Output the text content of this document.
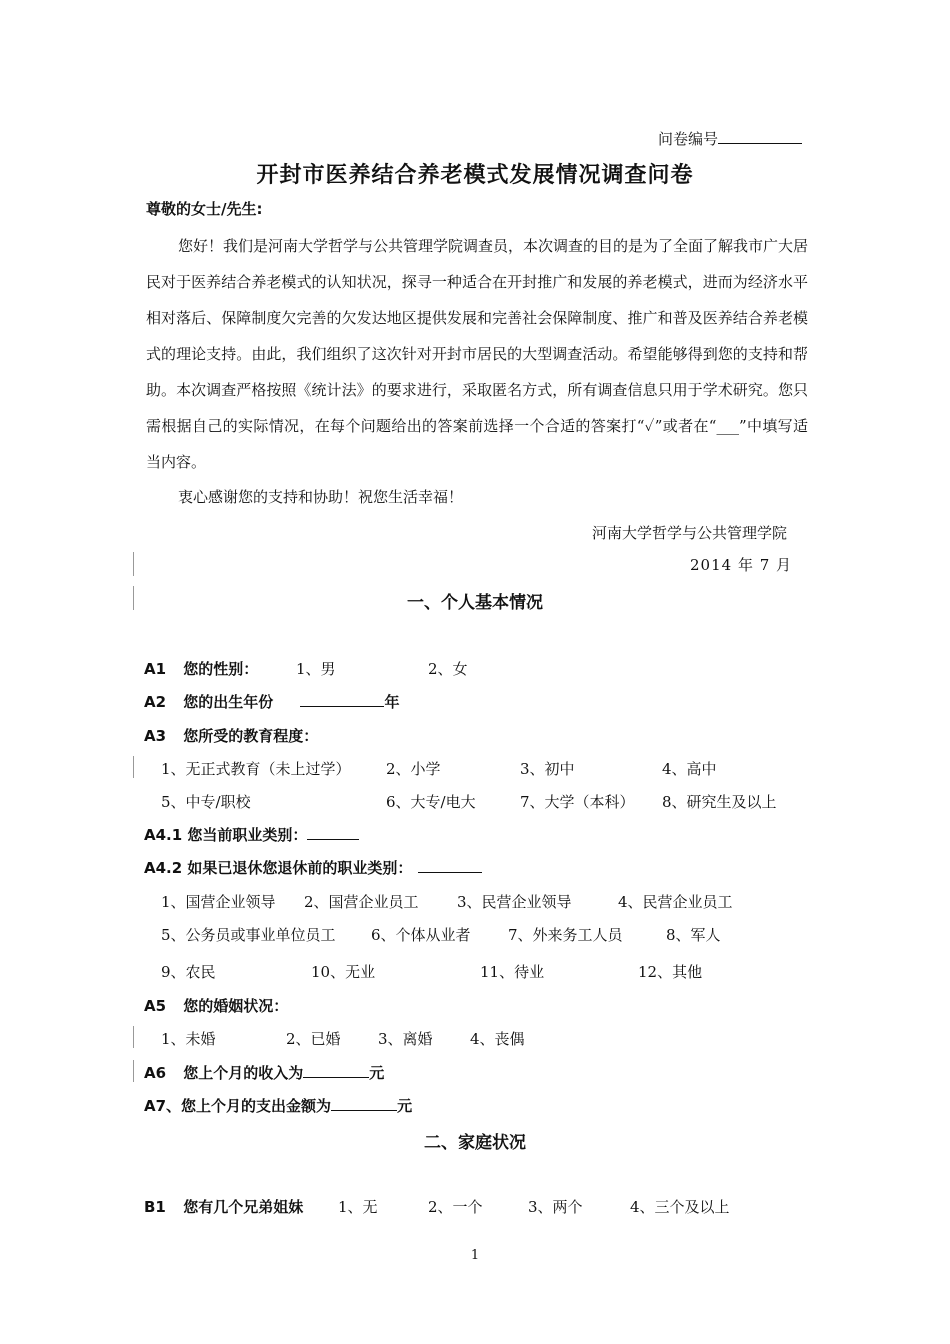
问卷编号
开封市医养结合养老模式发展情况调查问卷
尊敬的女士/先生:
您好！我们是河南大学哲学与公共管理学院调查员，本次调查的目的是为了全面了解我市广大居民对于医养结合养老模式的认知状况，探寻一种适合在开封推广和发展的养老模式，进而为经济水平相对落后、保障制度欠完善的欠发达地区提供发展和完善社会保障制度、推广和普及医养结合养老模式的理论支持。由此，我们组织了这次针对开封市居民的大型调查活动。希望能够得到您的支持和帮助。本次调查严格按照《统计法》的要求进行，采取匿名方式，所有调查信息只用于学术研究。您只需根据自己的实际情况，在每个问题给出的答案前选择一个合适的答案打“✓”或者在“___”中填写适当内容。
衷心感谢您的支持和协助！祝您生活幸福！
河南大学哲学与公共管理学院
2014 年 7 月
一、个人基本情况
A1 您的性别：	1、男	2、女
A2 您的出生年份	年
A3 您所受的教育程度：
1、无正式教育（未上过学） 2、小学	3、初中	4、高中
5、中专/职校	6、大专/电大	7、大学（本科） 8、研究生及以上
A4.1 您当前职业类别：
A4.2 如果已退休您退休前的职业类别：
1、国营企业领导 2、国营企业员工	3、民营企业领导	4、民营企业员工
5、公务员或事业单位员工 6、个体从业者 7、外来务工人员	8、军人
9、农民	10、无业	11、待业	12、其他
A5 您的婚姻状况：
1、未婚	2、已婚 3、离婚 4、丧偶
A6 您上个月的收入为	元
A7、您上个月的支出金额为	元
二、家庭状况
B1 您有几个兄弟姐妹 1、无	2、一个	3、两个	4、三个及以上
1
